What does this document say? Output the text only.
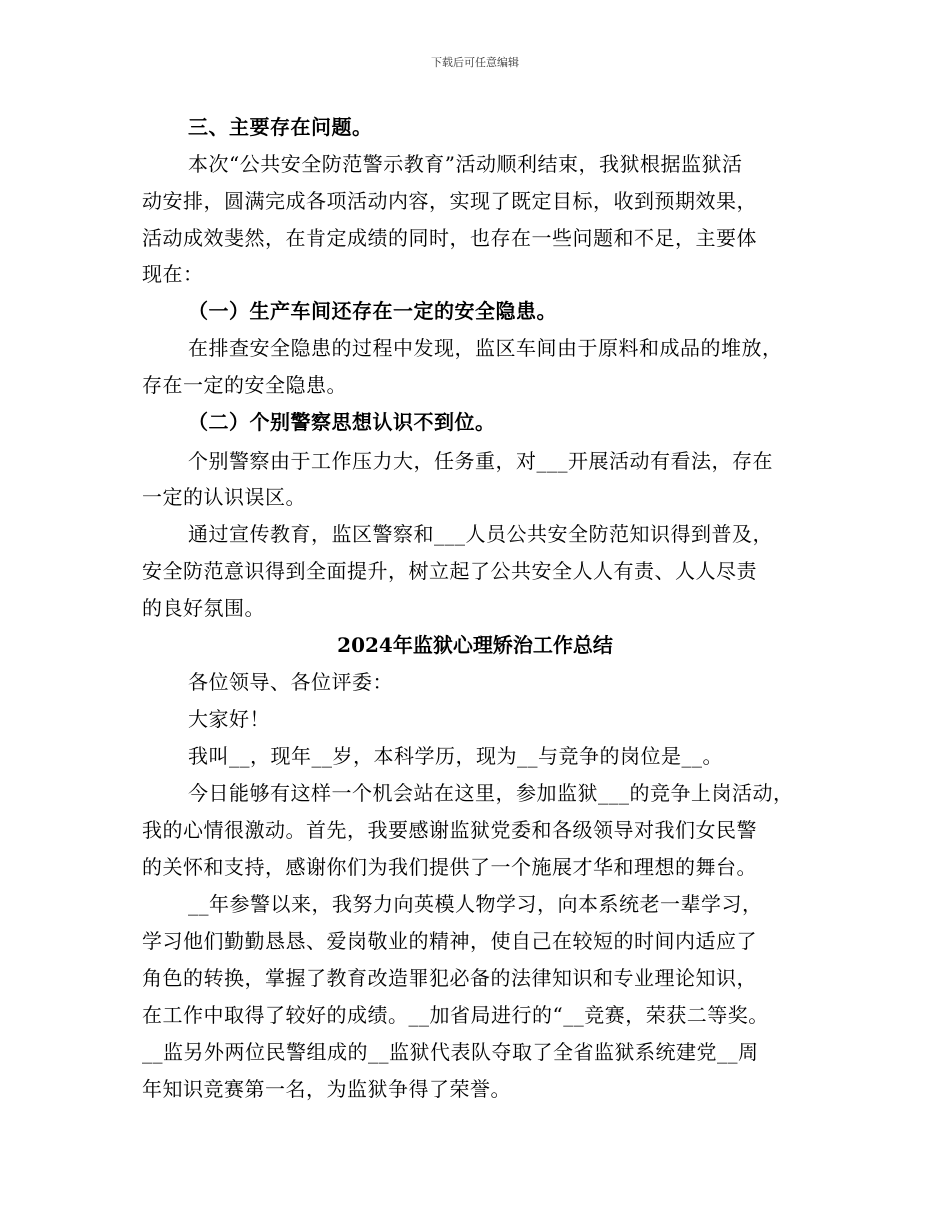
下载后可任意编辑
三、主要存在问题。
本次“公共安全防范警示教育”活动顺利结束，我狱根据监狱活
动安排，圆满完成各项活动内容，实现了既定目标，收到预期效果，
活动成效斐然，在肯定成绩的同时，也存在一些问题和不足，主要体
现在：
（一）生产车间还存在一定的安全隐患。
在排查安全隐患的过程中发现，监区车间由于原料和成品的堆放，
存在一定的安全隐患。
（二）个别警察思想认识不到位。
个别警察由于工作压力大，任务重，对___开展活动有看法，存在
一定的认识误区。
通过宣传教育，监区警察和___人员公共安全防范知识得到普及，
安全防范意识得到全面提升，树立起了公共安全人人有责、人人尽责
的良好氛围。
2024年监狱心理矫治工作总结
各位领导、各位评委：
大家好！
我叫__，现年__岁，本科学历，现为__与竞争的岗位是__。
今日能够有这样一个机会站在这里，参加监狱___的竞争上岗活动，
我的心情很激动。首先，我要感谢监狱党委和各级领导对我们女民警
的关怀和支持，感谢你们为我们提供了一个施展才华和理想的舞台。
__年参警以来，我努力向英模人物学习，向本系统老一辈学习，
学习他们勤勤恳恳、爱岗敬业的精神，使自己在较短的时间内适应了
角色的转换，掌握了教育改造罪犯必备的法律知识和专业理论知识，
在工作中取得了较好的成绩。__加省局进行的“__竞赛，荣获二等奖。
__监另外两位民警组成的__监狱代表队夺取了全省监狱系统建党__周
年知识竞赛第一名，为监狱争得了荣誉。
